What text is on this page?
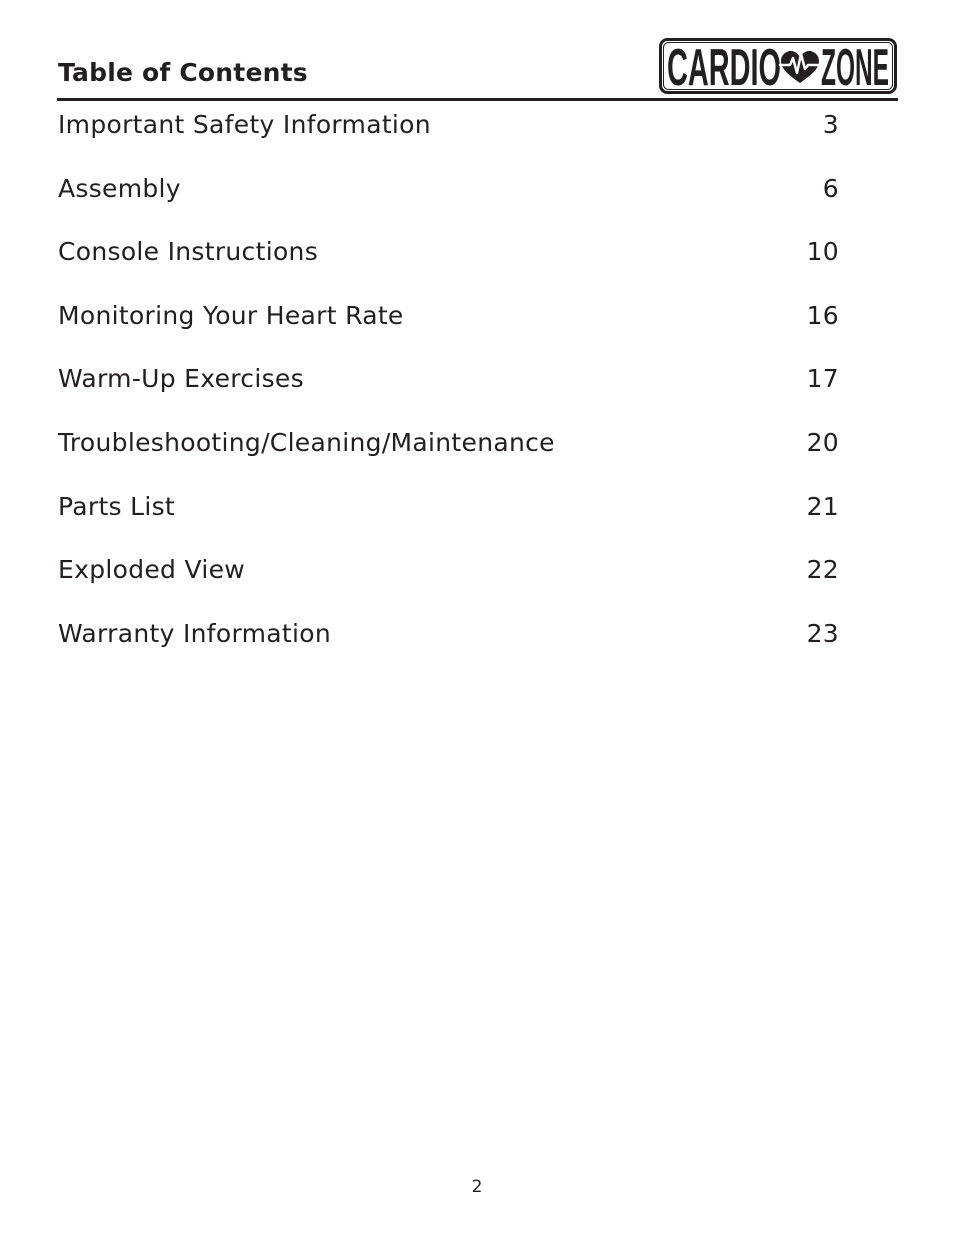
Table of Contents	CARDIO ZONE
Important Safety Information	3
Assembly	6
Console Instructions	10
Monitoring Your Heart Rate	16
Warm-Up Exercises	17
Troubleshooting/Cleaning/Maintenance	20
Parts List	21
Exploded View	22
Warranty Information	23
2
